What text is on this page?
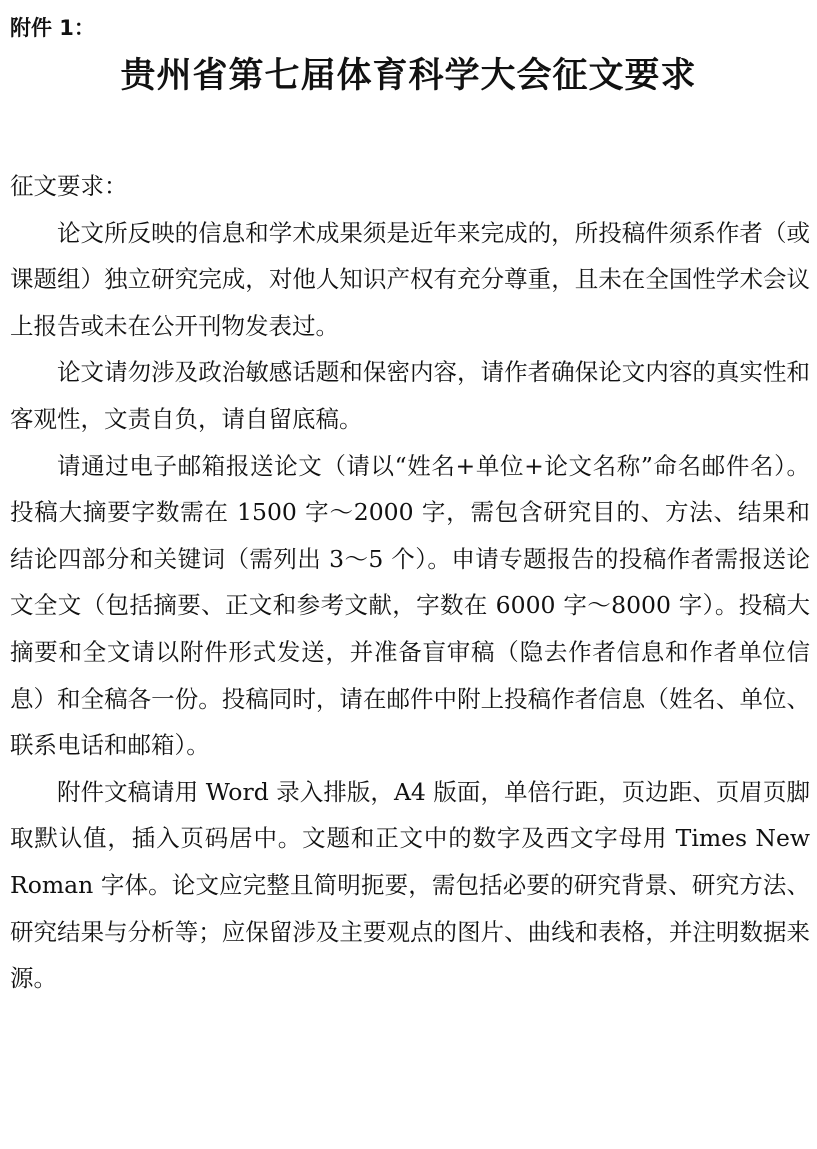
附件 1：
贵州省第七届体育科学大会征文要求

征文要求：

论文所反映的信息和学术成果须是近年来完成的，所投稿件须系作者（或课题组）独立研究完成，对他人知识产权有充分尊重，且未在全国性学术会议上报告或未在公开刊物发表过。

论文请勿涉及政治敏感话题和保密内容，请作者确保论文内容的真实性和客观性，文责自负，请自留底稿。

请通过电子邮箱报送论文（请以“姓名+单位+论文名称”命名邮件名）。投稿大摘要字数需在 1500 字～2000 字，需包含研究目的、方法、结果和结论四部分和关键词（需列出 3～5 个）。申请专题报告的投稿作者需报送论文全文（包括摘要、正文和参考文献，字数在 6000 字～8000 字）。投稿大摘要和全文请以附件形式发送，并准备盲审稿（隐去作者信息和作者单位信息）和全稿各一份。投稿同时，请在邮件中附上投稿作者信息（姓名、单位、联系电话和邮箱）。

附件文稿请用 Word 录入排版，A4 版面，单倍行距，页边距、页眉页脚取默认值，插入页码居中。文题和正文中的数字及西文字母用 Times New Roman 字体。论文应完整且简明扼要，需包括必要的研究背景、研究方法、研究结果与分析等；应保留涉及主要观点的图片、曲线和表格，并注明数据来源。
